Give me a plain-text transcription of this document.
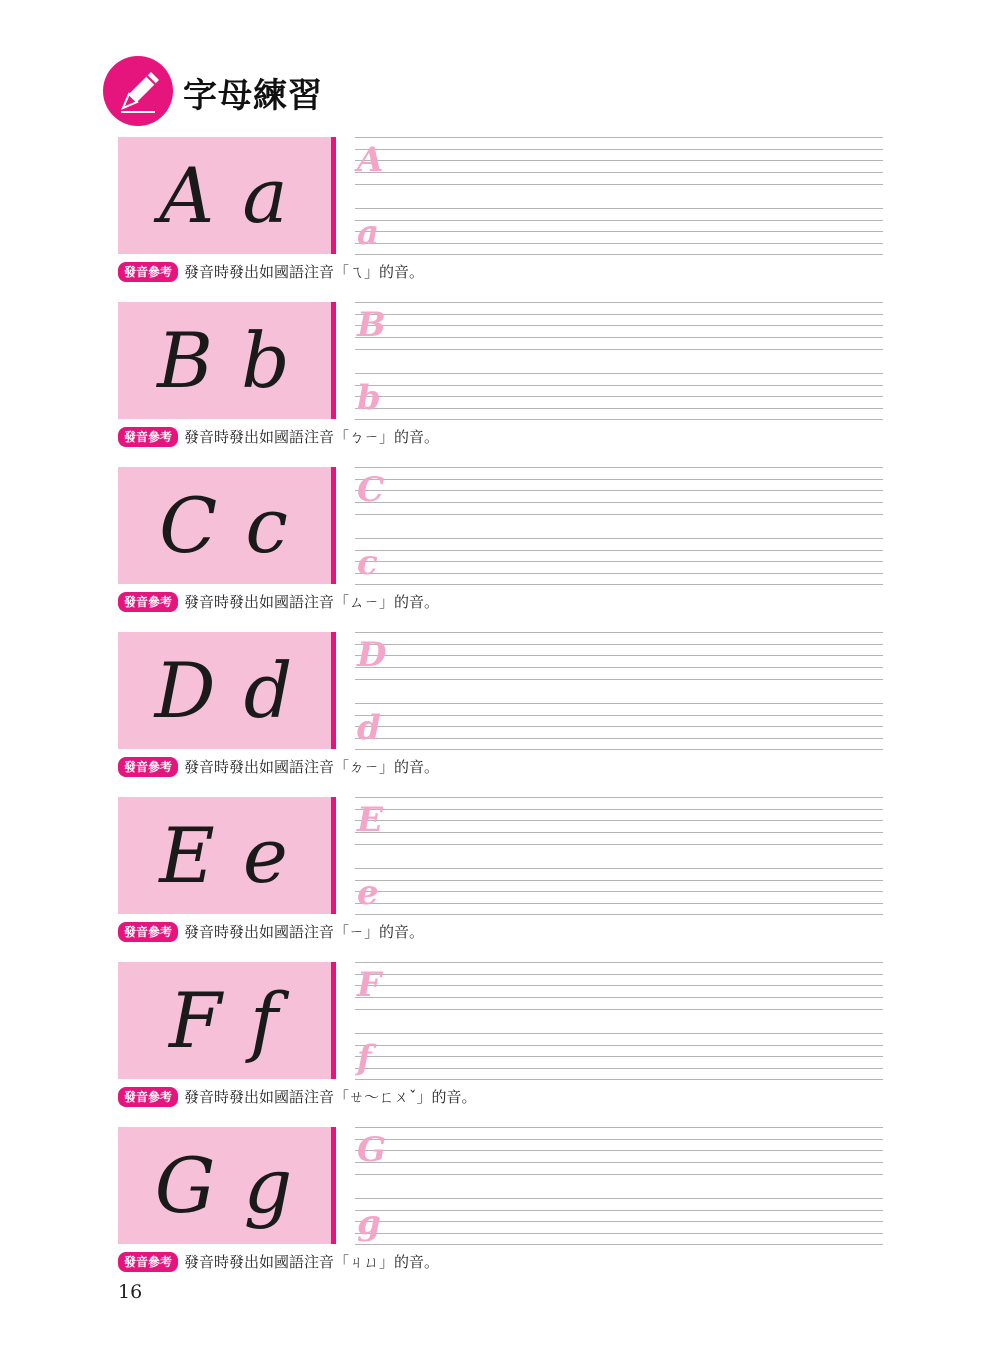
字母練習
A a	A
a
發音參考 發音時發出如國語注音「ㄟ」的音。
B b	B
b
發音參考 發音時發出如國語注音「ㄅㄧ」的音。
C c	C
c
發音參考 發音時發出如國語注音「ㄙㄧ」的音。
D d	D
d
發音參考 發音時發出如國語注音「ㄉㄧ」的音。
E e	E
e
發音參考 發音時發出如國語注音「ㄧ」的音。
F f	F
f
發音參考 發音時發出如國語注音「ㄝ～ㄈㄨˇ」的音。
G g	G
g
發音參考 發音時發出如國語注音「ㄐㄩ」的音。
16
